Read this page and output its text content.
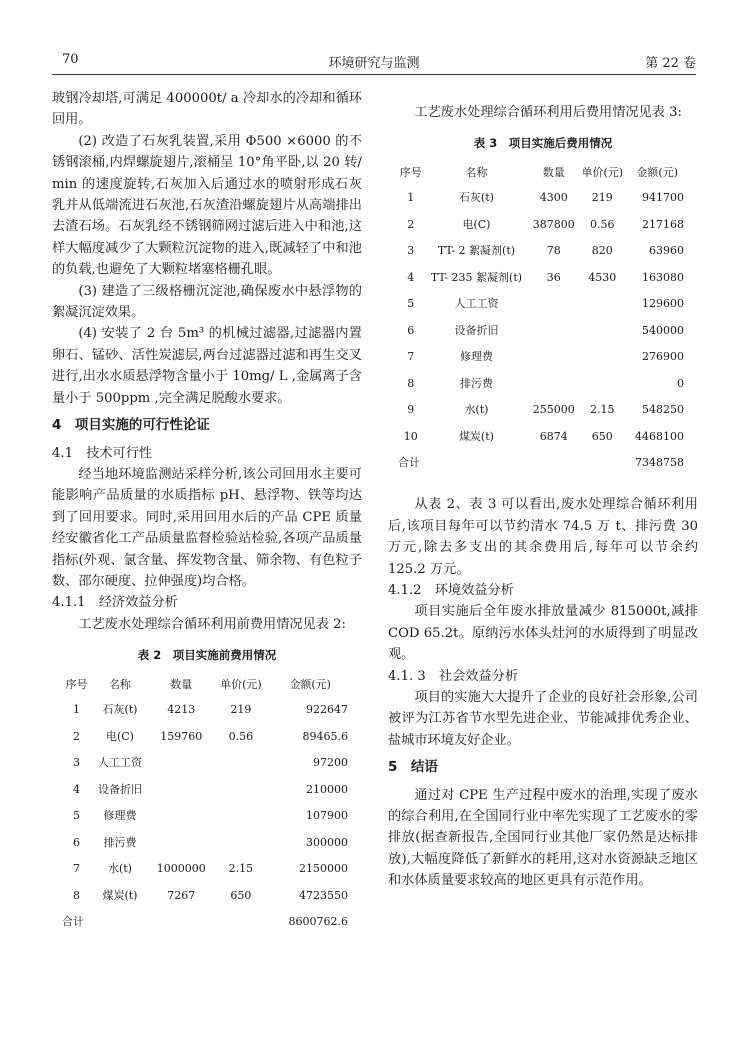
70	环境研究与监测	第 22 卷

玻钢冷却塔,可满足 400000t/ a 冷却水的冷却和循环回用。

(2) 改造了石灰乳装置,采用 Φ500 ×6000 的不锈钢滚桶,内焊螺旋翅片,滚桶呈 10°角平卧,以 20 转/ min 的速度旋转,石灰加入后通过水的喷射形成石灰乳并从低端流进石灰池,石灰渣沿螺旋翅片从高端排出去渣石场。石灰乳经不锈钢筛网过滤后进入中和池,这样大幅度减少了大颗粒沉淀物的进入,既减轻了中和池的负载,也避免了大颗粒堵塞格栅孔眼。

(3) 建造了三级格栅沉淀池,确保废水中悬浮物的絮凝沉淀效果。

(4) 安装了 2 台 5m³ 的机械过滤器,过滤器内置卵石、锰砂、活性炭滤层,两台过滤器过滤和再生交叉进行,出水水质悬浮物含量小于 10mg/ L ,金属离子含量小于 500ppm ,完全满足脱酸水要求。

4　项目实施的可行性论证
4.1　技术可行性

经当地环境监测站采样分析,该公司回用水主要可能影响产品质量的水质指标 pH、悬浮物、铁等均达到了回用要求。同时,采用回用水后的产品 CPE 质量经安徽省化工产品质量监督检验站检验,各项产品质量指标(外观、氯含量、挥发物含量、筛余物、有色粒子数、邵尔硬度、拉伸强度)均合格。

4.1.1　经济效益分析

工艺废水处理综合循环利用前费用情况见表 2:

表 2　项目实施前费用情况
序号	名称	数量	单价(元)	金额(元)
1	石灰(t)	4213	219	922647
2	电(C)	159760	0.56	89465.6
3	人工工资			97200
4	设备折旧			210000
5	修理费			107900
6	排污费			300000
7	水(t)	1000000	2.15	2150000
8	煤炭(t)	7267	650	4723550
合计				8600762.6

工艺废水处理综合循环利用后费用情况见表 3:

表 3　项目实施后费用情况
序号	名称	数量	单价(元)	金额(元)
1	石灰(t)	4300	219	941700
2	电(C)	387800	0.56	217168
3	TT- 2 絮凝剂(t)	78	820	63960
4	TT- 235 絮凝剂(t)	36	4530	163080
5	人工工资			129600
6	设备折旧			540000
7	修理费			276900
8	排污费			0
9	水(t)	255000	2.15	548250
10	煤炭(t)	6874	650	4468100
合计				7348758

从表 2、表 3 可以看出,废水处理综合循环利用后,该项目每年可以节约清水 74.5 万 t、排污费 30 万元,除去多支出的其余费用后,每年可以节余约 125.2 万元。

4.1.2　环境效益分析

项目实施后全年废水排放量减少 815000t,减排 COD 65.2t。原纳污水体头灶河的水质得到了明显改观。

4.1. 3　社会效益分析

项目的实施大大提升了企业的良好社会形象,公司被评为江苏省节水型先进企业、节能减排优秀企业、盐城市环境友好企业。

5　结语

通过对 CPE 生产过程中废水的治理,实现了废水的综合利用,在全国同行业中率先实现了工艺废水的零排放(据查新报告,全国同行业其他厂家仍然是达标排放),大幅度降低了新鲜水的耗用,这对水资源缺乏地区和水体质量要求较高的地区更具有示范作用。
